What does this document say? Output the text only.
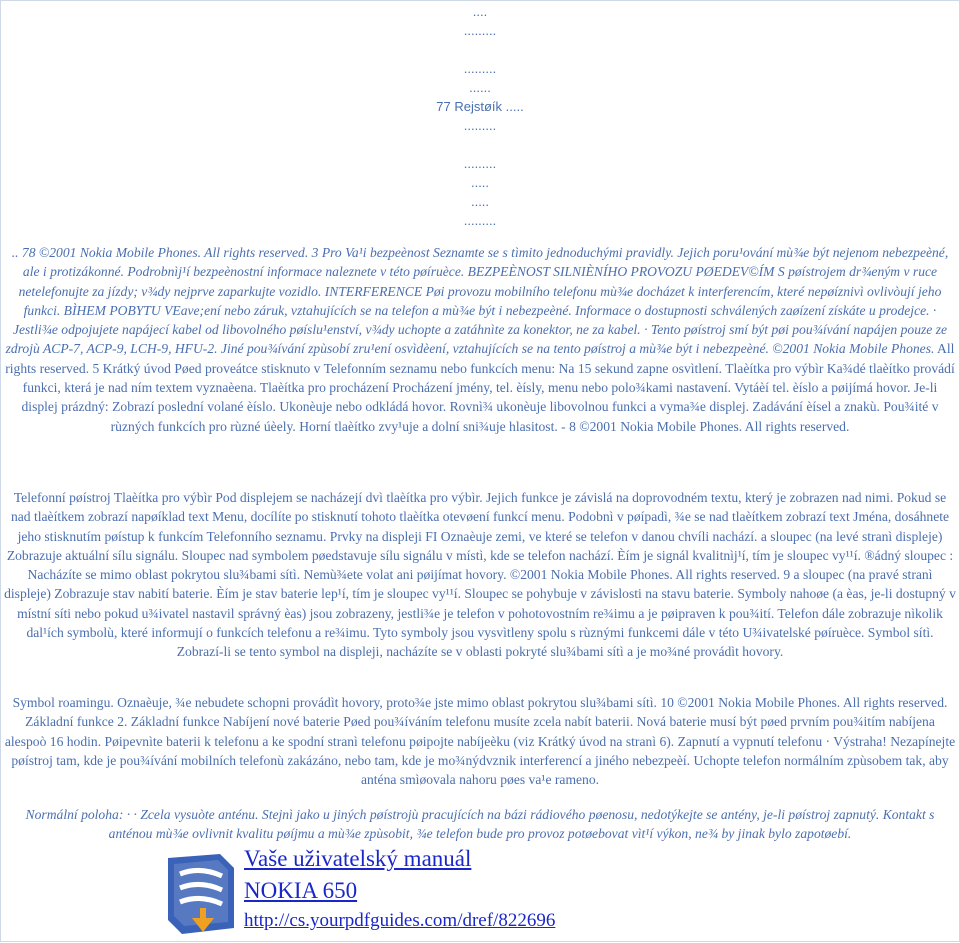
....
.........
.........
......
77 Rejstøík .....
.........
.........
.....
.....
.........

.. 78 ©2001 Nokia Mobile Phones. All rights reserved. 3 Pro Va¹i bezpeènost Seznamte se s tìmito jednoduchými pravidly. Jejich poru¹ování mù¾e být nejenom nebezpeèné, ale i protizákonné. Podrobnìj¹í bezpeènostní informace naleznete v této pøíruèce. BEZPEÈNOST SILNIÈNÍHO PROVOZU PØEDEV©ÍM S pøístrojem dr¾eným v ruce netelefonujte za jízdy; v¾dy nejprve zaparkujte vozidlo. INTERFERENCE Pøi provozu mobilního telefonu mù¾e docházet k interferencím, které nepøíznivì ovlivòují jeho funkci. BÌHEM POBYTU VEave;ení nebo záruk, vztahujících se na telefon a mù¾e být i nebezpeèné. Informace o dostupnosti schválených zaøízení získáte u prodejce. · Jestli¾e odpojujete napájecí kabel od libovolného pøíslu¹enství, v¾dy uchopte a zatáhnìte za konektor, ne za kabel. · Tento pøístroj smí být pøi pou¾ívání napájen pouze ze zdrojù ACP-7, ACP-9, LCH-9, HFU-2. Jiné pou¾ívání zpùsobí zru¹ení osvìdèení, vztahujících se na tento pøístroj a mù¾e být i nebezpeèné. ©2001 Nokia Mobile Phones. All rights reserved. 5 Krátký úvod Pøed proveátce stisknuto v Telefonním seznamu nebo funkcích menu: Na 15 sekund zapne osvìtlení. Tlaèítka pro výbìr Ka¾dé tlaèítko provádí funkci, která je nad ním textem vyznaèena. Tlaèítka pro procházení Procházení jmény, tel. èísly, menu nebo polo¾kami nastavení. Vytáèí tel. èíslo a pøijímá hovor. Je-li displej prázdný: Zobrazí poslední volané èíslo. Ukonèuje nebo odkládá hovor. Rovnì¾ ukonèuje libovolnou funkci a vyma¾e displej. Zadávání èísel a znakù. Pou¾ité v rùzných funkcích pro rùzné úèely. Horní tlaèítko zvy¹uje a dolní sni¾uje hlasitost. - 8 ©2001 Nokia Mobile Phones. All rights reserved.

Telefonní pøístroj Tlaèítka pro výbìr Pod displejem se nacházejí dvì tlaèítka pro výbìr. Jejich funkce je závislá na doprovodném textu, který je zobrazen nad nimi. Pokud se nad tlaèítkem zobrazí napøíklad text Menu, docílíte po stisknutí tohoto tlaèítka otevøení funkcí menu. Podobnì v pøípadì, ¾e se nad tlaèítkem zobrazí text Jména, dosáhnete jeho stisknutím pøístup k funkcím Telefonního seznamu. Prvky na displeji FI Oznaèuje zemi, ve které se telefon v danou chvíli nachází. a sloupec (na levé stranì displeje) Zobrazuje aktuální sílu signálu. Sloupec nad symbolem pøedstavuje sílu signálu v místì, kde se telefon nachází. Èím je signál kvalitnìj¹í, tím je sloupec vy¹¹í. ®ádný sloupec : Nacházíte se mimo oblast pokrytou slu¾bami sítì. Nemù¾ete volat ani pøijímat hovory. ©2001 Nokia Mobile Phones. All rights reserved. 9 a sloupec (na pravé stranì displeje) Zobrazuje stav nabití baterie. Èím je stav baterie lep¹í, tím je sloupec vy¹¹í. Sloupec se pohybuje v závislosti na stavu baterie. Symboly nahoøe (a èas, je-li dostupný v místní síti nebo pokud u¾ivatel nastavil správný èas) jsou zobrazeny, jestli¾e je telefon v pohotovostním re¾imu a je pøipraven k pou¾ití. Telefon dále zobrazuje nìkolik dal¹ích symbolù, které informují o funkcích telefonu a re¾imu. Tyto symboly jsou vysvìtleny spolu s rùznými funkcemi dále v této U¾ivatelské pøíruèce. Symbol sítì. Zobrazí-li se tento symbol na displeji, nacházíte se v oblasti pokryté slu¾bami sítì a je mo¾né provádìt hovory.

Symbol roamingu. Oznaèuje, ¾e nebudete schopni provádìt hovory, proto¾e jste mimo oblast pokrytou slu¾bami sítì. 10 ©2001 Nokia Mobile Phones. All rights reserved. Základní funkce 2. Základní funkce Nabíjení nové baterie Pøed pou¾íváním telefonu musíte zcela nabít baterii. Nová baterie musí být pøed prvním pou¾itím nabíjena alespoò 16 hodin. Pøipevnìte baterii k telefonu a ke spodní stranì telefonu pøipojte nabíjeèku (viz Krátký úvod na stranì 6). Zapnutí a vypnutí telefonu · Výstraha! Nezapínejte pøístroj tam, kde je pou¾ívání mobilních telefonù zakázáno, nebo tam, kde je mo¾nýdvznik interferencí a jiného nebezpeèí. Uchopte telefon normálním zpùsobem tak, aby anténa smìøovala nahoru pøes va¹e rameno.

Normální poloha: · · Zcela vysuòte anténu. Stejnì jako u jiných pøístrojù pracujících na bázi rádiového pøenosu, nedotýkejte se antény, je-li pøístroj zapnutý. Kontakt s anténou mù¾e ovlivnit kvalitu pøíjmu a mù¾e zpùsobit, ¾e telefon bude pro provoz potøebovat vìt¹í výkon, ne¾ by jinak bylo zapotøebí.

Vaše uživatelský manuál
NOKIA 650
http://cs.yourpdfguides.com/dref/822696
